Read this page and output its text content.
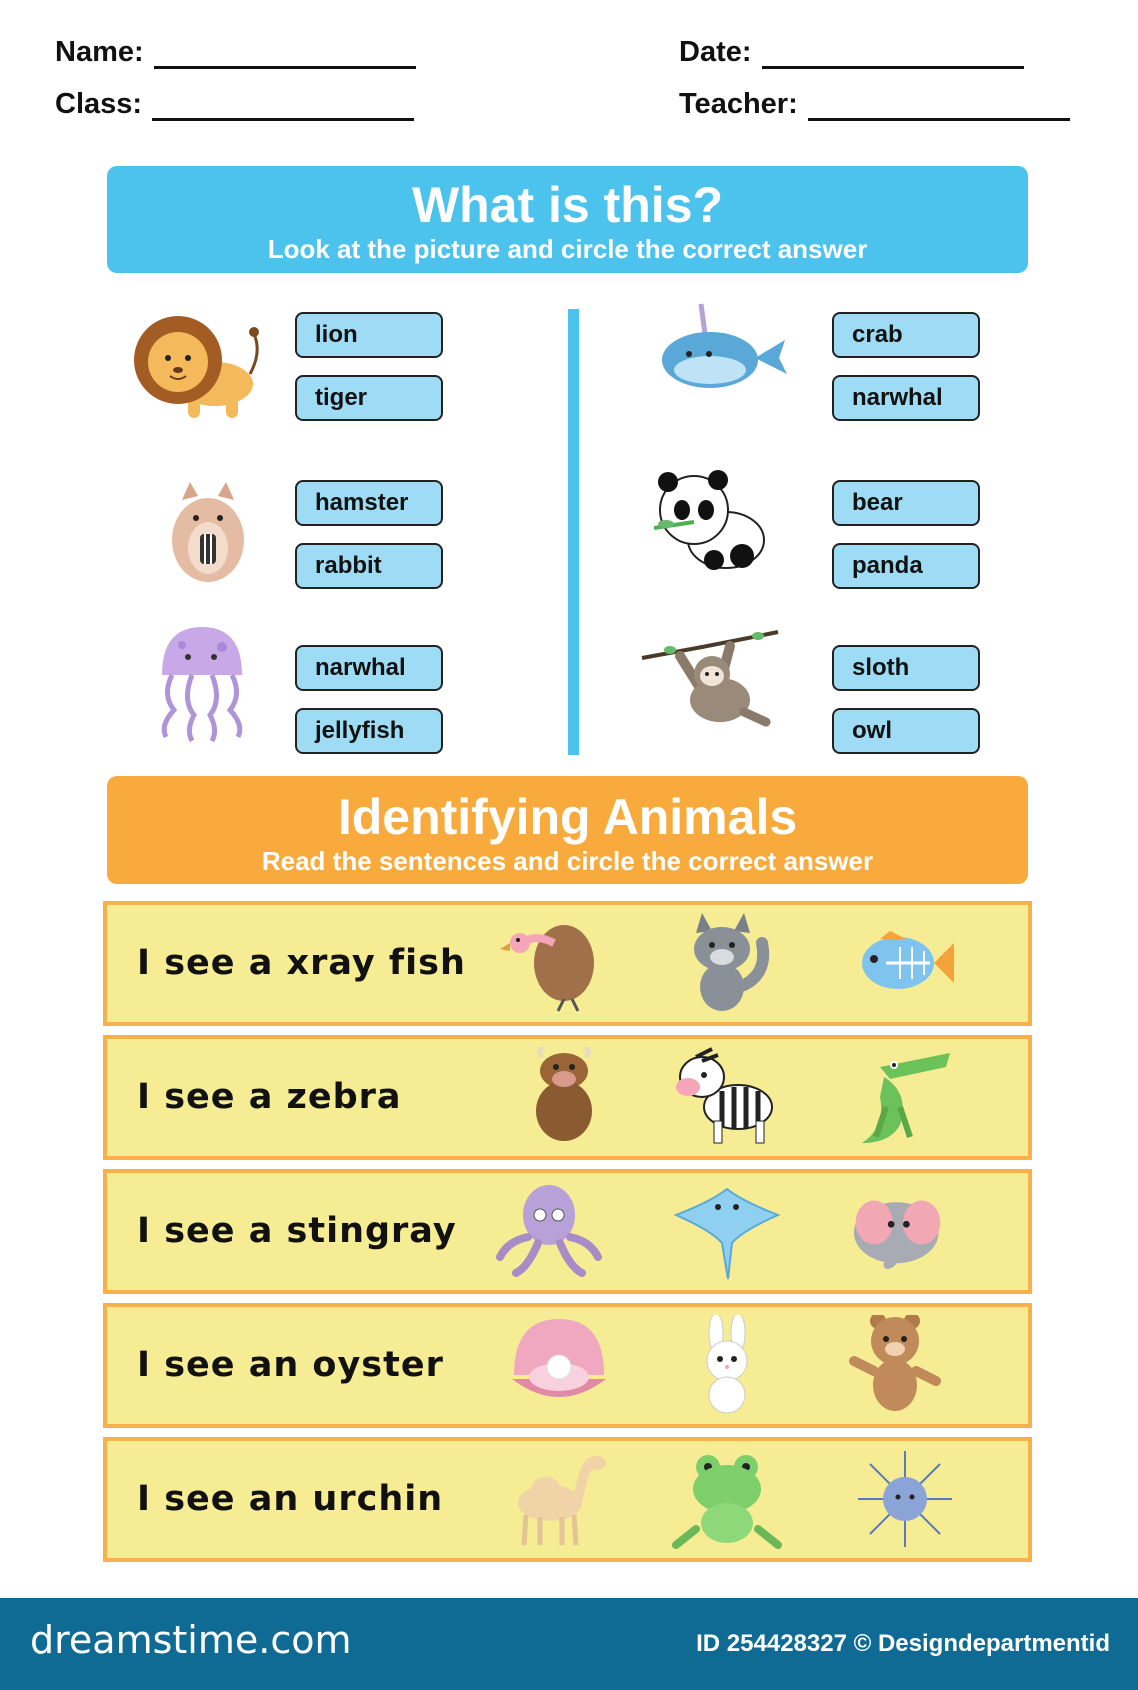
Name:
Class:
Date:
Teacher:
What is this?
Look at the picture and circle the correct answer
lion
tiger
hamster
rabbit
narwhal
jellyfish
crab
narwhal
bear
panda
sloth
owl
Identifying Animals
Read the sentences and circle the correct answer
I see a xray fish
I see a zebra
I see a stingray
I see an oyster
I see an urchin
dreamstime.com	ID 254428327 © Designdepartmentid
